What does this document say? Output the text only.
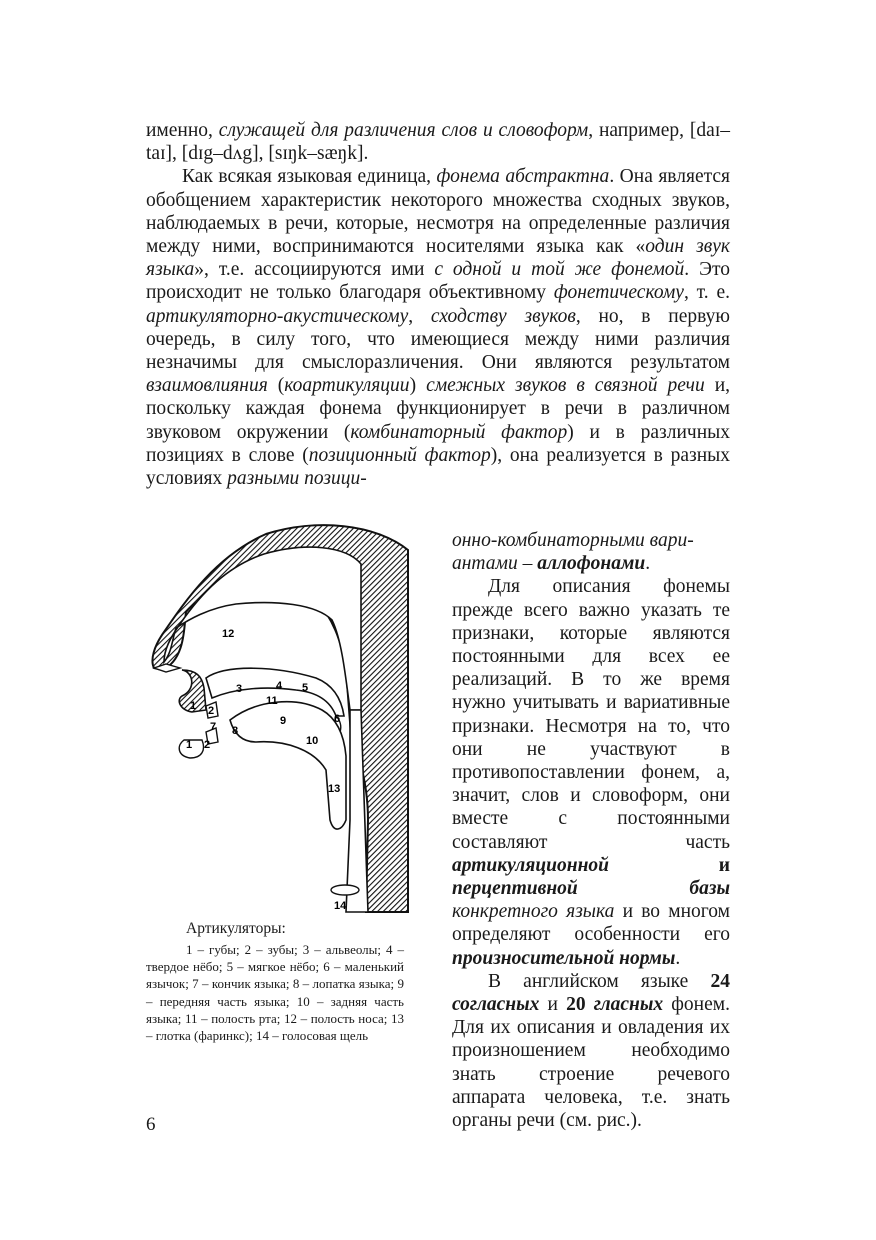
именно, служащей для различения слов и словоформ, например, [daɪ–taɪ], [dɪg–dʌg], [sɪŋk–sæŋk].

Как всякая языковая единица, фонема абстрактна. Она является обобщением характеристик некоторого множества сходных звуков, наблюдаемых в речи, которые, несмотря на определенные различия между ними, воспринимаются носителями языка как «один звук языка», т.е. ассоциируются ими с одной и той же фонемой. Это происходит не только благодаря объективному фонетическому, т. е. артикуляторно-акустическому, сходству звуков, но, в первую очередь, в силу того, что имеющиеся между ними различия незначимы для смыслоразличения. Они являются результатом взаимовлияния (коартикуляции) смежных звуков в связной речи и, поскольку каждая фонема функционирует в речи в различном звуковом окружении (комбинаторный фактор) и в различных позициях в слове (позиционный фактор), она реализуется в разных условиях разными позици-

онно-комбинаторными вари-
антами – аллофонами.

Для описания фонемы прежде всего важно указать те признаки, которые являются постоянными для всех ее реализаций. В то же время нужно учитывать и вариативные признаки. Несмотря на то, что они не участвуют в противопоставлении фонем, а, значит, слов и словоформ, они вместе с постоянными составляют часть артикуляционной и перцептивной базы конкретного языка и во многом определяют особенности его произносительной нормы.

В английском языке 24 согласных и 20 гласных фонем. Для их описания и овладения их произношением необходимо знать строение речевого аппарата человека, т.е. знать органы речи (см. рис.).

12
1 2
3	4 5
6
7 8
9
10
11
1 2
13
14
Артикуляторы:

1 – губы; 2 – зубы; 3 – альвеолы; 4 – твердое нёбо; 5 – мягкое нёбо; 6 – маленький язычок; 7 – кончик языка; 8 – лопатка языка; 9 – передняя часть языка; 10 – задняя часть языка; 11 – полость рта; 12 – полость носа; 13 – глотка (фаринкс); 14 – голосовая щель

6
